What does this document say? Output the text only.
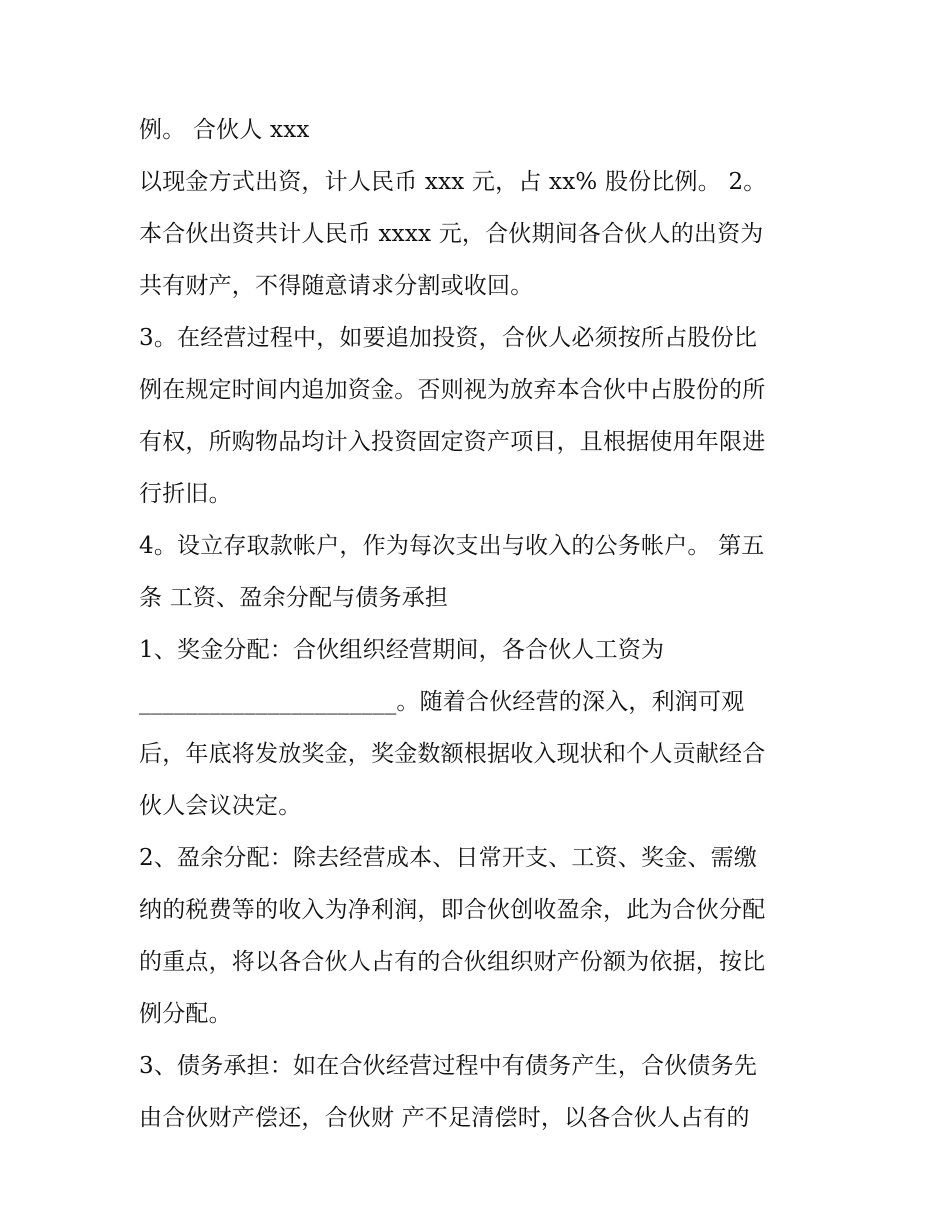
例。 合伙人 xxx
以现金方式出资，计人民币 xxx 元，占 xx% 股份比例。 2。
本合伙出资共计人民币 xxxx 元，合伙期间各合伙人的出资为
共有财产，不得随意请求分割或收回。
3。在经营过程中，如要追加投资，合伙人必须按所占股份比
例在规定时间内追加资金。否则视为放弃本合伙中占股份的所
有权，所购物品均计入投资固定资产项目，且根据使用年限进
行折旧。
4。设立存取款帐户，作为每次支出与收入的公务帐户。 第五
条 工资、盈余分配与债务承担
1、奖金分配：合伙组织经营期间，各合伙人工资为
______________________。随着合伙经营的深入，利润可观
后，年底将发放奖金，奖金数额根据收入现状和个人贡献经合
伙人会议决定。
2、盈余分配：除去经营成本、日常开支、工资、奖金、需缴
纳的税费等的收入为净利润，即合伙创收盈余，此为合伙分配
的重点，将以各合伙人占有的合伙组织财产份额为依据，按比
例分配。
3、债务承担：如在合伙经营过程中有债务产生，合伙债务先
由合伙财产偿还，合伙财 产不足清偿时，以各合伙人占有的
